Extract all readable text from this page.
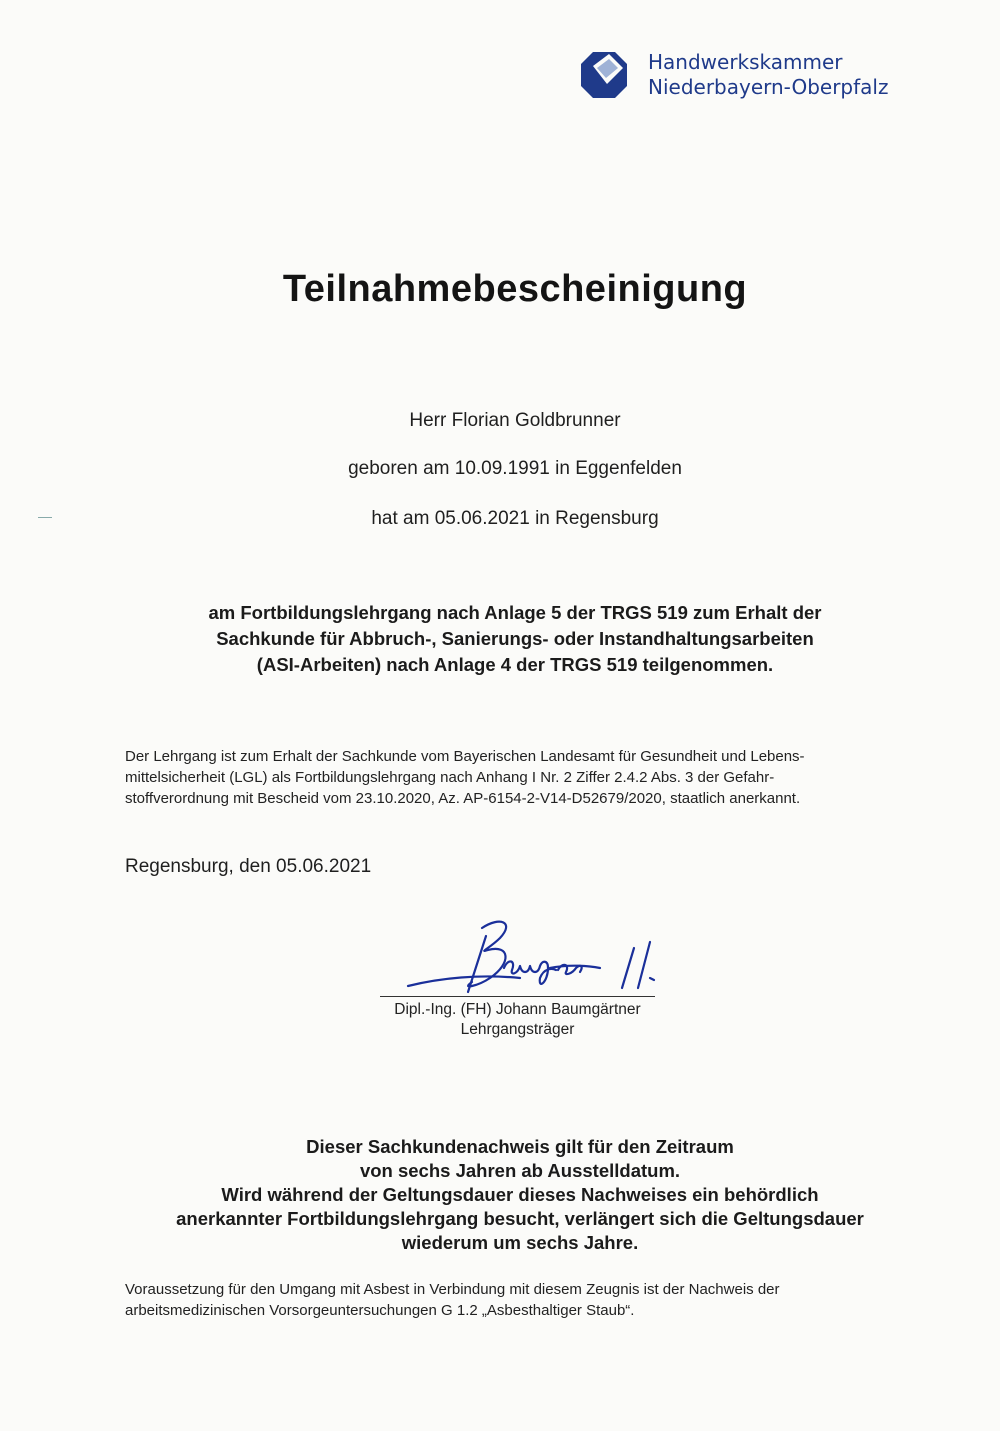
Handwerkskammer
Niederbayern-Oberpfalz
Teilnahmebescheinigung
Herr Florian Goldbrunner
geboren am 10.09.1991 in Eggenfelden
hat am 05.06.2021 in Regensburg
am Fortbildungslehrgang nach Anlage 5 der TRGS 519 zum Erhalt der
Sachkunde für Abbruch-, Sanierungs- oder Instandhaltungsarbeiten
(ASI-Arbeiten) nach Anlage 4 der TRGS 519 teilgenommen.
Der Lehrgang ist zum Erhalt der Sachkunde vom Bayerischen Landesamt für Gesundheit und Lebens-
mittelsicherheit (LGL) als Fortbildungslehrgang nach Anhang I Nr. 2 Ziffer 2.4.2 Abs. 3 der Gefahr-
stoffverordnung mit Bescheid vom 23.10.2020, Az. AP-6154-2-V14-D52679/2020, staatlich anerkannt.
Regensburg, den 05.06.2021
Dipl.-Ing. (FH) Johann Baumgärtner
Lehrgangsträger
Dieser Sachkundenachweis gilt für den Zeitraum
von sechs Jahren ab Ausstelldatum.
Wird während der Geltungsdauer dieses Nachweises ein behördlich
anerkannter Fortbildungslehrgang besucht, verlängert sich die Geltungsdauer
wiederum um sechs Jahre.
Voraussetzung für den Umgang mit Asbest in Verbindung mit diesem Zeugnis ist der Nachweis der
arbeitsmedizinischen Vorsorgeuntersuchungen G 1.2 „Asbesthaltiger Staub“.
